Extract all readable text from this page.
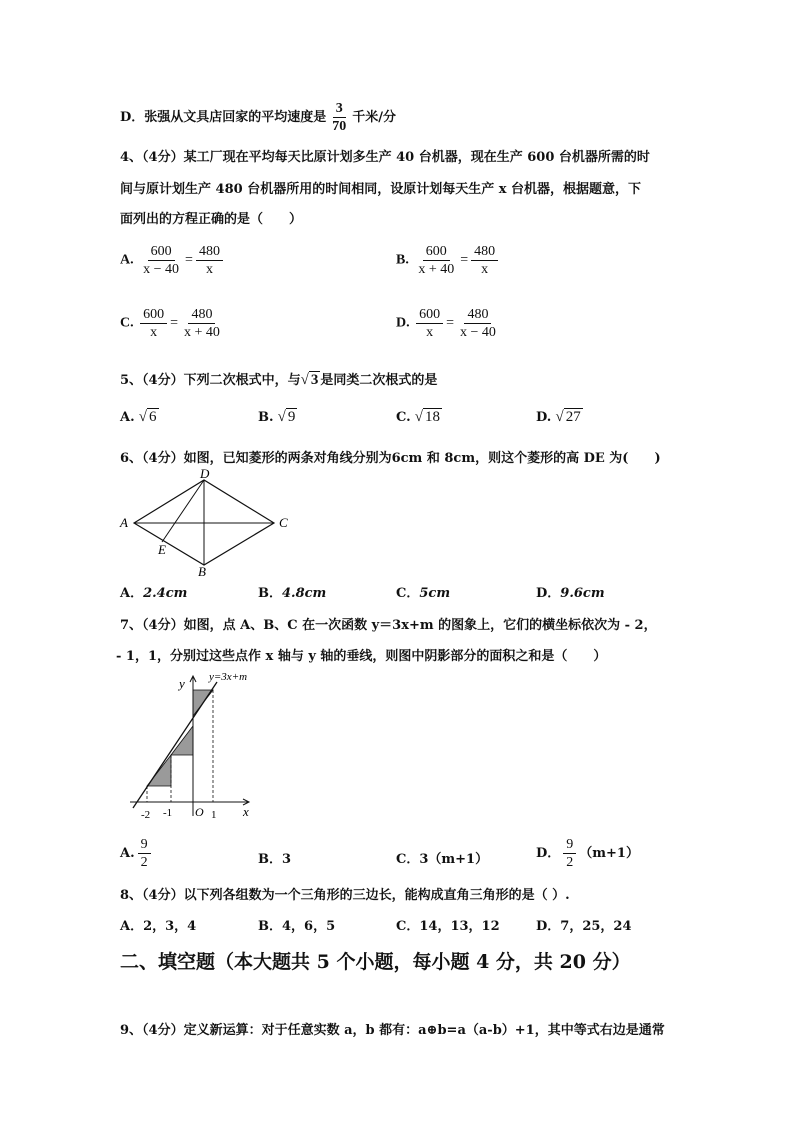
D．张强从文具店回家的平均速度是 $\frac{3}{70}$ 千米/分
4、（4分）某工厂现在平均每天比原计划多生产 40 台机器，现在生产 600 台机器所需的时
间与原计划生产 480 台机器所用的时间相同，设原计划每天生产 x 台机器，根据题意，下
面列出的方程正确的是（　　）
A. $\frac{600}{x - 40} = \frac{480}{x}$	B. $\frac{600}{x + 40} = \frac{480}{x}$
C. $\frac{600}{x} = \frac{480}{x + 40}$	D. $\frac{600}{x} = \frac{480}{x - 40}$
5、（4分）下列二次根式中，与√ 3 是同类二次根式的是
A. √ 6	B. √ 9	C. √ 18	D. √ 27
6、（4分）如图，已知菱形的两条对角线分别为6cm 和 8cm，则这个菱形的高 DE 为(　　)
D
A	C
B
E
A．2.4cm	B．4.8cm	C．5cm	D．9.6cm
7、（4分）如图，点 A、B、C 在一次函数 y＝3x+m 的图象上，它们的横坐标依次为 - 2，
- 1，1，分别过这些点作 x 轴与 y 轴的垂线，则图中阴影部分的面积之和是（　　）
y=3x+m
y
x
O
-2 -1	1
A. $\frac{9}{2}$	B．3	C．3（m+1）	D． $\frac{9}{2} (m+1)$
8、（4分）以下列各组数为一个三角形的三边长，能构成直角三角形的是（ ）.
A．2，3，4	B．4，6，5	C．14，13，12	D．7，25，24
二、填空题（本大题共 5 个小题，每小题 4 分，共 20 分）
9、（4分）定义新运算：对于任意实数 a，b 都有：a⊕b=a（a-b）+1，其中等式右边是通常
